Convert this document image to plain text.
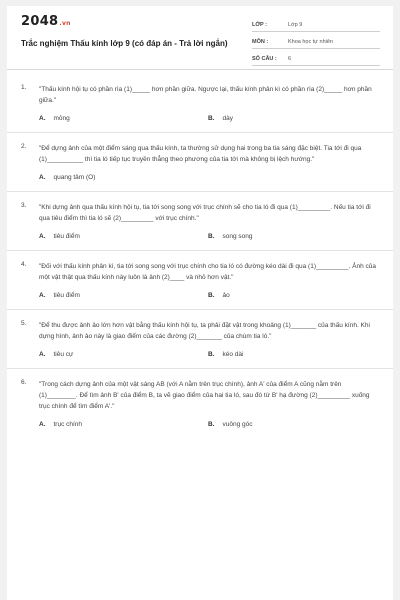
2048.vn
Trắc nghiệm Thấu kính lớp 9 (có đáp án - Trả lời ngắn)
LỚP :	Lớp 9
MÔN :	Khoa học tự nhiên
SỐ CÂU :	6
1. "Thấu kính hội tụ có phần rìa (1)_____ hơn phần giữa. Ngược lại, thấu kính phân kì có phần rìa (2)_____ hơn phần giữa."
A. mỏng	B. dày
2. "Để dựng ảnh của một điểm sáng qua thấu kính, ta thường sử dụng hai trong ba tia sáng đặc biệt. Tia tới đi qua (1)__________ thì tia ló tiếp tục truyền thẳng theo phương của tia tới mà không bị lệch hướng."
A. quang tâm (O)
3. "Khi dựng ảnh qua thấu kính hội tụ, tia tới song song với trục chính sẽ cho tia ló đi qua (1)_________. Nếu tia tới đi qua tiêu điểm thì tia ló sẽ (2)_________ với trục chính."
A. tiêu điểm	B. song song
4. "Đối với thấu kính phân kì, tia tới song song với trục chính cho tia ló có đường kéo dài đi qua (1)_________. Ảnh của một vật thật qua thấu kính này luôn là ảnh (2)____ và nhỏ hơn vật."
A. tiêu điểm	B. ảo
5. "Để thu được ảnh ảo lớn hơn vật bằng thấu kính hội tụ, ta phải đặt vật trong khoảng (1)_______ của thấu kính. Khi dựng hình, ảnh ảo này là giao điểm của các đường (2)_______ của chùm tia ló."
A. tiêu cự	B. kéo dài
6. "Trong cách dựng ảnh của một vật sáng AB (với A nằm trên trục chính), ảnh A' của điểm A cũng nằm trên (1)________. Để tìm ảnh B' của điểm B, ta vẽ giao điểm của hai tia ló, sau đó từ B' hạ đường (2)_________ xuống trục chính để tìm điểm A'."
A. trục chính	B. vuông góc
